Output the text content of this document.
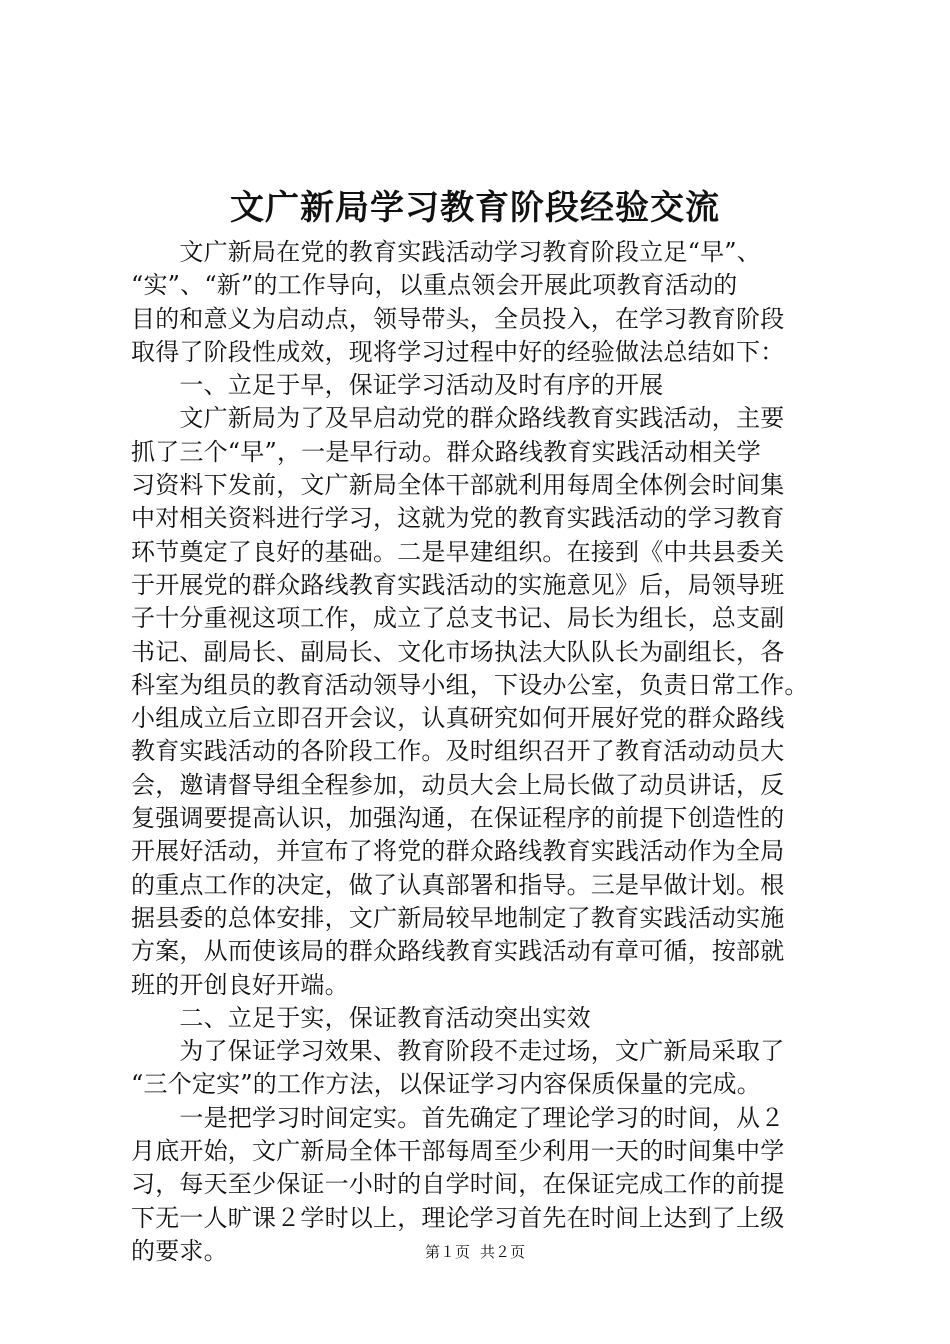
文广新局学习教育阶段经验交流
　　文广新局在党的教育实践活动学习教育阶段立足“早”、
“实”、“新”的工作导向，以重点领会开展此项教育活动的
目的和意义为启动点，领导带头，全员投入，在学习教育阶段
取得了阶段性成效，现将学习过程中好的经验做法总结如下：
　　一、立足于早，保证学习活动及时有序的开展
　　文广新局为了及早启动党的群众路线教育实践活动，主要
抓了三个“早”，一是早行动。群众路线教育实践活动相关学
习资料下发前，文广新局全体干部就利用每周全体例会时间集
中对相关资料进行学习，这就为党的教育实践活动的学习教育
环节奠定了良好的基础。二是早建组织。在接到《中共县委关
于开展党的群众路线教育实践活动的实施意见》后，局领导班
子十分重视这项工作，成立了总支书记、局长为组长，总支副
书记、副局长、副局长、文化市场执法大队队长为副组长，各
科室为组员的教育活动领导小组，下设办公室，负责日常工作。
小组成立后立即召开会议，认真研究如何开展好党的群众路线
教育实践活动的各阶段工作。及时组织召开了教育活动动员大
会，邀请督导组全程参加，动员大会上局长做了动员讲话，反
复强调要提高认识，加强沟通，在保证程序的前提下创造性的
开展好活动，并宣布了将党的群众路线教育实践活动作为全局
的重点工作的决定，做了认真部署和指导。三是早做计划。根
据县委的总体安排，文广新局较早地制定了教育实践活动实施
方案，从而使该局的群众路线教育实践活动有章可循，按部就
班的开创良好开端。
　　二、立足于实，保证教育活动突出实效
　　为了保证学习效果、教育阶段不走过场，文广新局采取了
“三个定实”的工作方法，以保证学习内容保质保量的完成。
　　一是把学习时间定实。首先确定了理论学习的时间，从２
月底开始，文广新局全体干部每周至少利用一天的时间集中学
习，每天至少保证一小时的自学时间，在保证完成工作的前提
下无一人旷课２学时以上，理论学习首先在时间上达到了上级
的要求。	第１页 共２页
